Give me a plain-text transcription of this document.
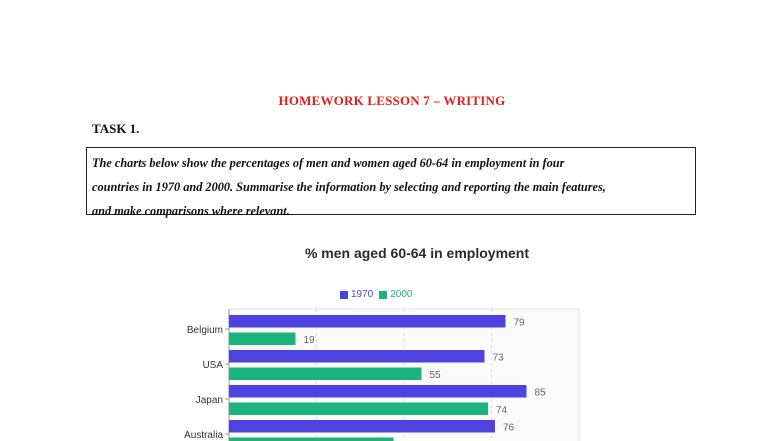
HOMEWORK LESSON 7 – WRITING
TASK 1.
The charts below show the percentages of men and women aged 60-64 in employment in four
countries in 1970 and 2000. Summarise the information by selecting and reporting the main features,
and make comparisons where relevant.
% men aged 60-64 in employment
1970 2000
Belgium
79
19
USA
73
55
Japan
85
74
Australia
76
